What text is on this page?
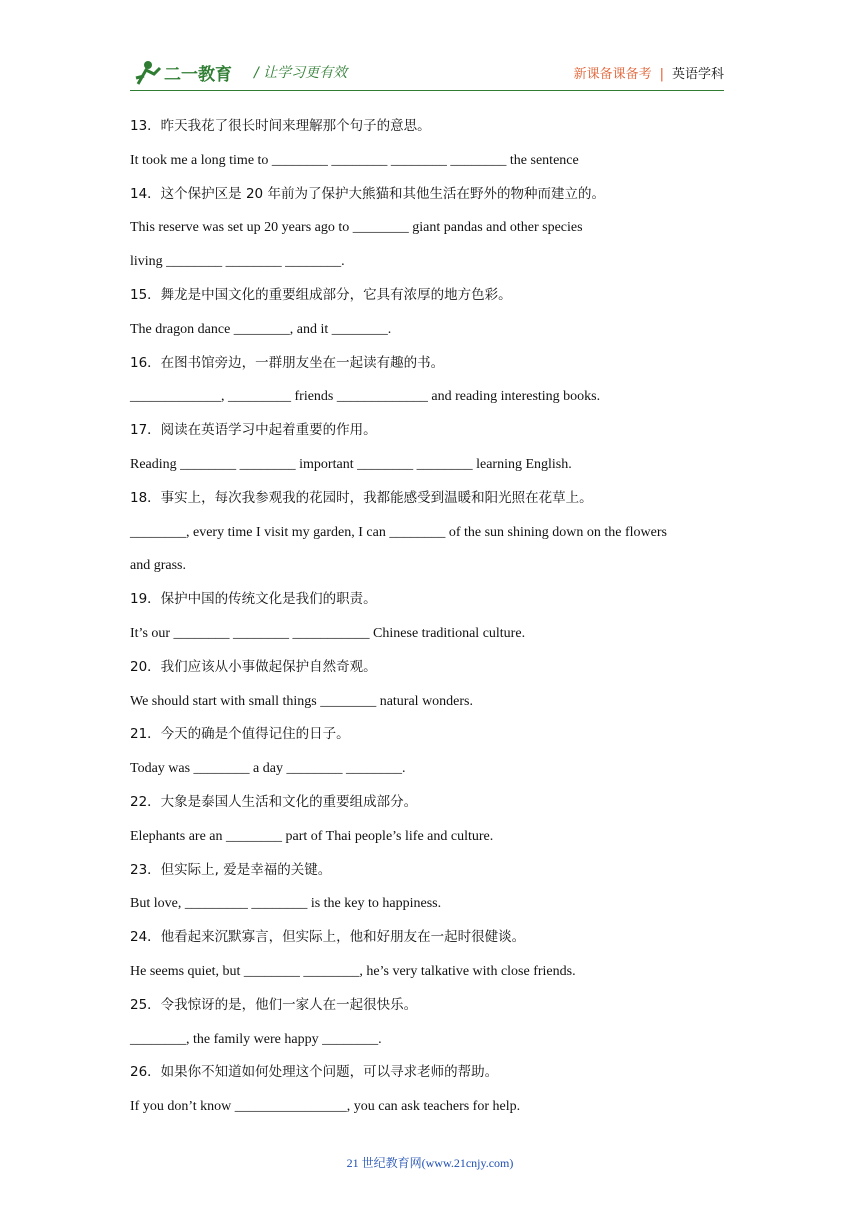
二一教育 / 让学习更有效	新课备课备考 | 英语学科
13．昨天我花了很长时间来理解那个句子的意思。
It took me a long time to ________ ________ ________ ________ the sentence
14．这个保护区是 20 年前为了保护大熊猫和其他生活在野外的物种而建立的。
This reserve was set up 20 years ago to ________ giant pandas and other species
living ________ ________ ________.
15．舞龙是中国文化的重要组成部分，它具有浓厚的地方色彩。
The dragon dance ________, and it ________.
16．在图书馆旁边，一群朋友坐在一起读有趣的书。
_____________, _________ friends _____________ and reading interesting books.
17．阅读在英语学习中起着重要的作用。
Reading ________ ________ important ________ ________ learning English.
18．事实上，每次我参观我的花园时，我都能感受到温暖和阳光照在花草上。
________, every time I visit my garden, I can ________ of the sun shining down on the flowers
and grass.
19．保护中国的传统文化是我们的职责。
It’s our ________ ________ ___________ Chinese traditional culture.
20．我们应该从小事做起保护自然奇观。
We should start with small things ________ natural wonders.
21．今天的确是个值得记住的日子。
Today was ________ a day ________ ________.
22．大象是泰国人生活和文化的重要组成部分。
Elephants are an ________ part of Thai people’s life and culture.
23．但实际上, 爱是幸福的关键。
But love, _________ ________ is the key to happiness.
24．他看起来沉默寡言，但实际上，他和好朋友在一起时很健谈。
He seems quiet, but ________ ________, he’s very talkative with close friends.
25．令我惊讶的是，他们一家人在一起很快乐。
________, the family were happy ________.
26．如果你不知道如何处理这个问题，可以寻求老师的帮助。
If you don’t know ________________, you can ask teachers for help.
21 世纪教育网(www.21cnjy.com)
